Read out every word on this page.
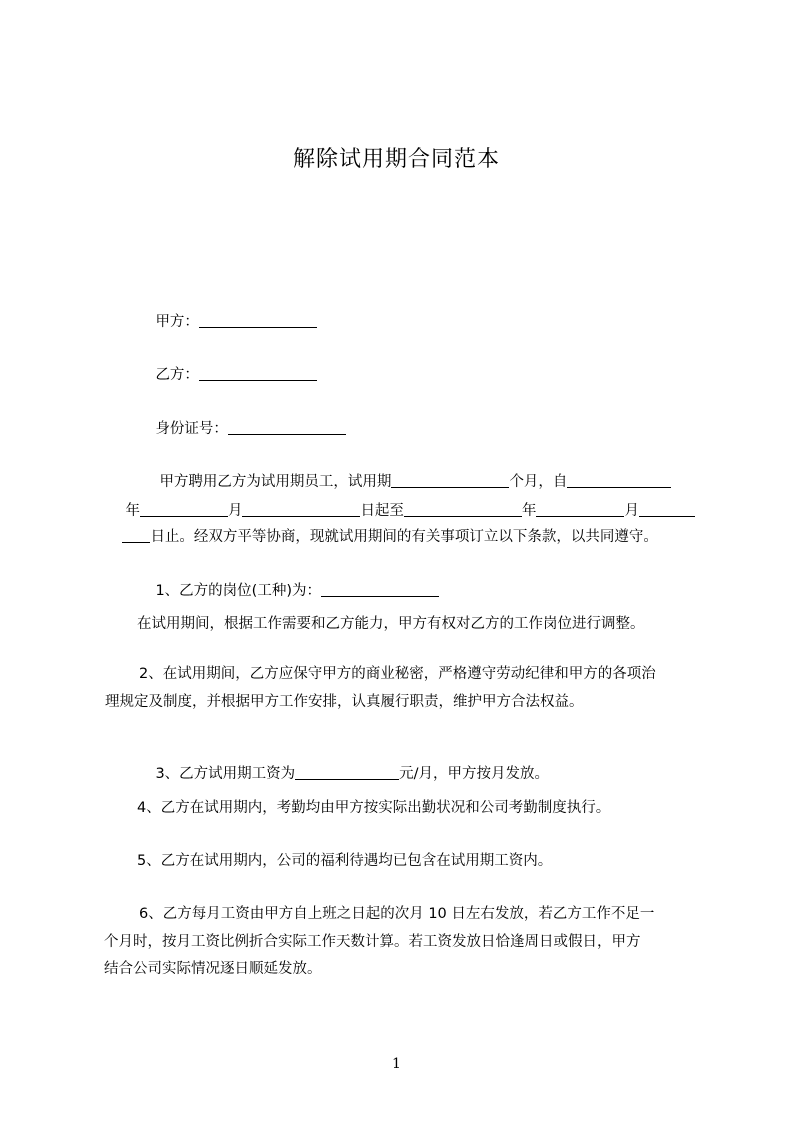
解除试用期合同范本

甲方：

乙方：

身份证号：

甲方聘用乙方为试用期员工，试用期	个月，自

年	月	日起至	年	月

日止。经双方平等协商，现就试用期间的有关事项订立以下条款，以共同遵守。

1、乙方的岗位(工种)为：

在试用期间，根据工作需要和乙方能力，甲方有权对乙方的工作岗位进行调整。
2、在试用期间，乙方应保守甲方的商业秘密，严格遵守劳动纪律和甲方的各项治
理规定及制度，并根据甲方工作安排，认真履行职责，维护甲方合法权益。

3、乙方试用期工资为	元/月，甲方按月发放。

4、乙方在试用期内，考勤均由甲方按实际出勤状况和公司考勤制度执行。
5、乙方在试用期内，公司的福利待遇均已包含在试用期工资内。
6、乙方每月工资由甲方自上班之日起的次月 10 日左右发放，若乙方工作不足一
个月时，按月工资比例折合实际工作天数计算。若工资发放日恰逢周日或假日，甲方
结合公司实际情况逐日顺延发放。
1
